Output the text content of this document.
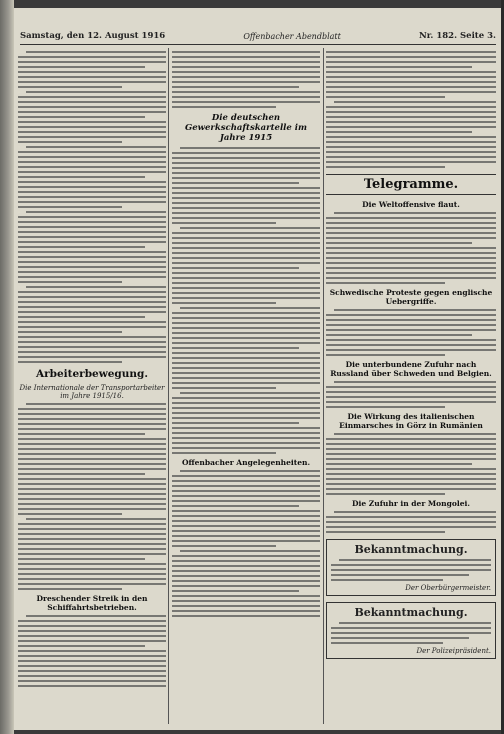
Samstag, den 12. August 1916	Offenbacher Abendblatt	Nr. 182. Seite 3.
Arbeiterbewegung.
Die Internationale der Transportarbeiter im Jahre 1915/16.
Dreschender Streik in den Schiffahrtsbetrieben.
Die deutschen Gewerkschaftskartelle im Jahre 1915
Offenbacher Angelegenheiten.
Telegramme.
Die Weltoffensive flaut.
Schwedische Proteste gegen englische Uebergriffe.
Die unterbundene Zufuhr nach Russland über Schweden und Belgien.
Die Wirkung des italienischen Einmarsches in Görz in Rumänien
Die Zufuhr in der Mongolei.
Bekanntmachung.
Der Oberbürgermeister.
Bekanntmachung.
Der Polizeipräsident.
